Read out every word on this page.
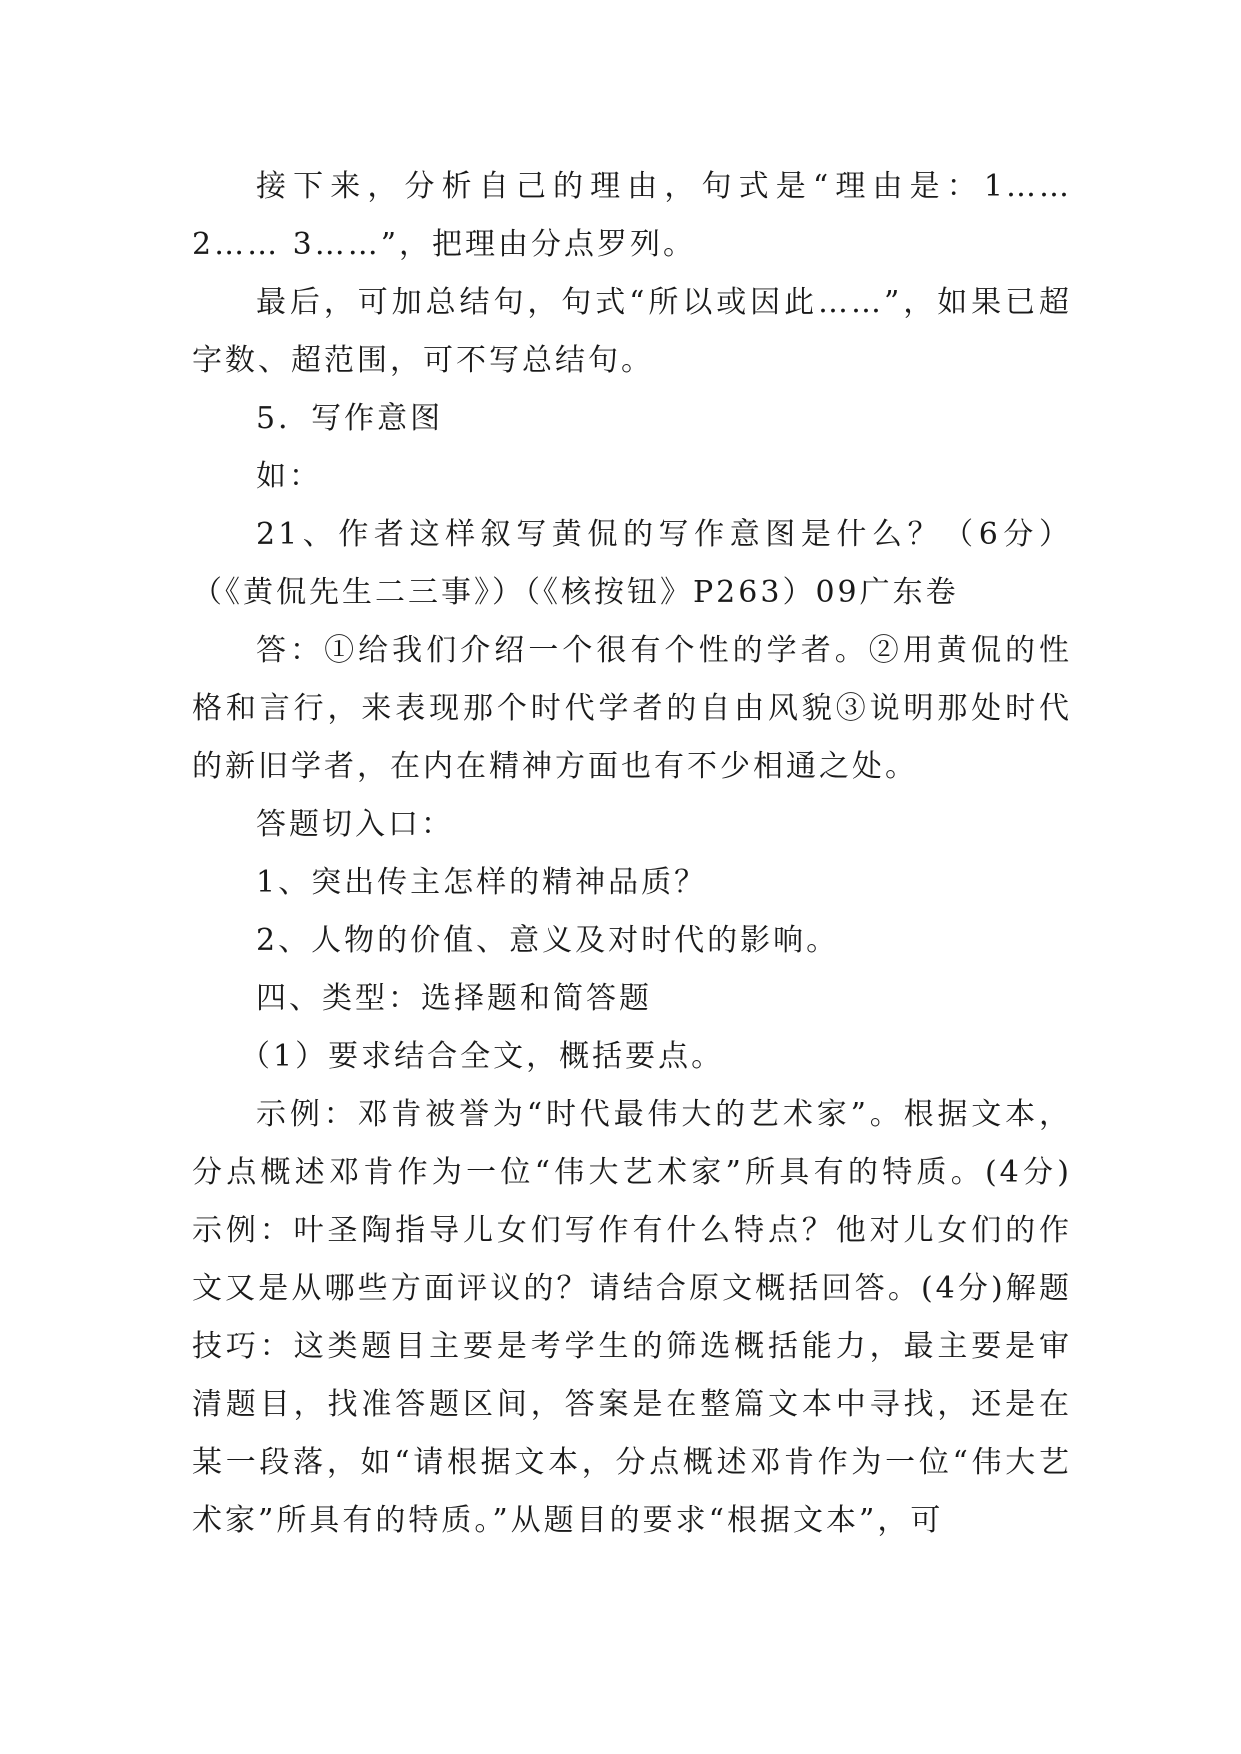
接下来，分析自己的理由，句式是“理由是：1…… 2…… 3……”，把理由分点罗列。

最后，可加总结句，句式“所以或因此……”，如果已超字数、超范围，可不写总结句。

5．写作意图

如：

21、作者这样叙写黄侃的写作意图是什么？（6分）（《黄侃先生二三事》）（《核按钮》P263）09广东卷

答：①给我们介绍一个很有个性的学者。②用黄侃的性格和言行，来表现那个时代学者的自由风貌③说明那处时代的新旧学者，在内在精神方面也有不少相通之处。

答题切入口：

1、突出传主怎样的精神品质？

2、人物的价值、意义及对时代的影响。

四、类型：选择题和简答题

（1）要求结合全文，概括要点。

示例：邓肯被誉为“时代最伟大的艺术家”。根据文本，分点概述邓肯作为一位“伟大艺术家”所具有的特质。(4分)示例：叶圣陶指导儿女们写作有什么特点？他对儿女们的作文又是从哪些方面评议的？请结合原文概括回答。(4分)解题技巧：这类题目主要是考学生的筛选概括能力，最主要是审清题目，找准答题区间，答案是在整篇文本中寻找，还是在某一段落，如“请根据文本，分点概述邓肯作为一位“伟大艺术家”所具有的特质。”从题目的要求“根据文本”，可
